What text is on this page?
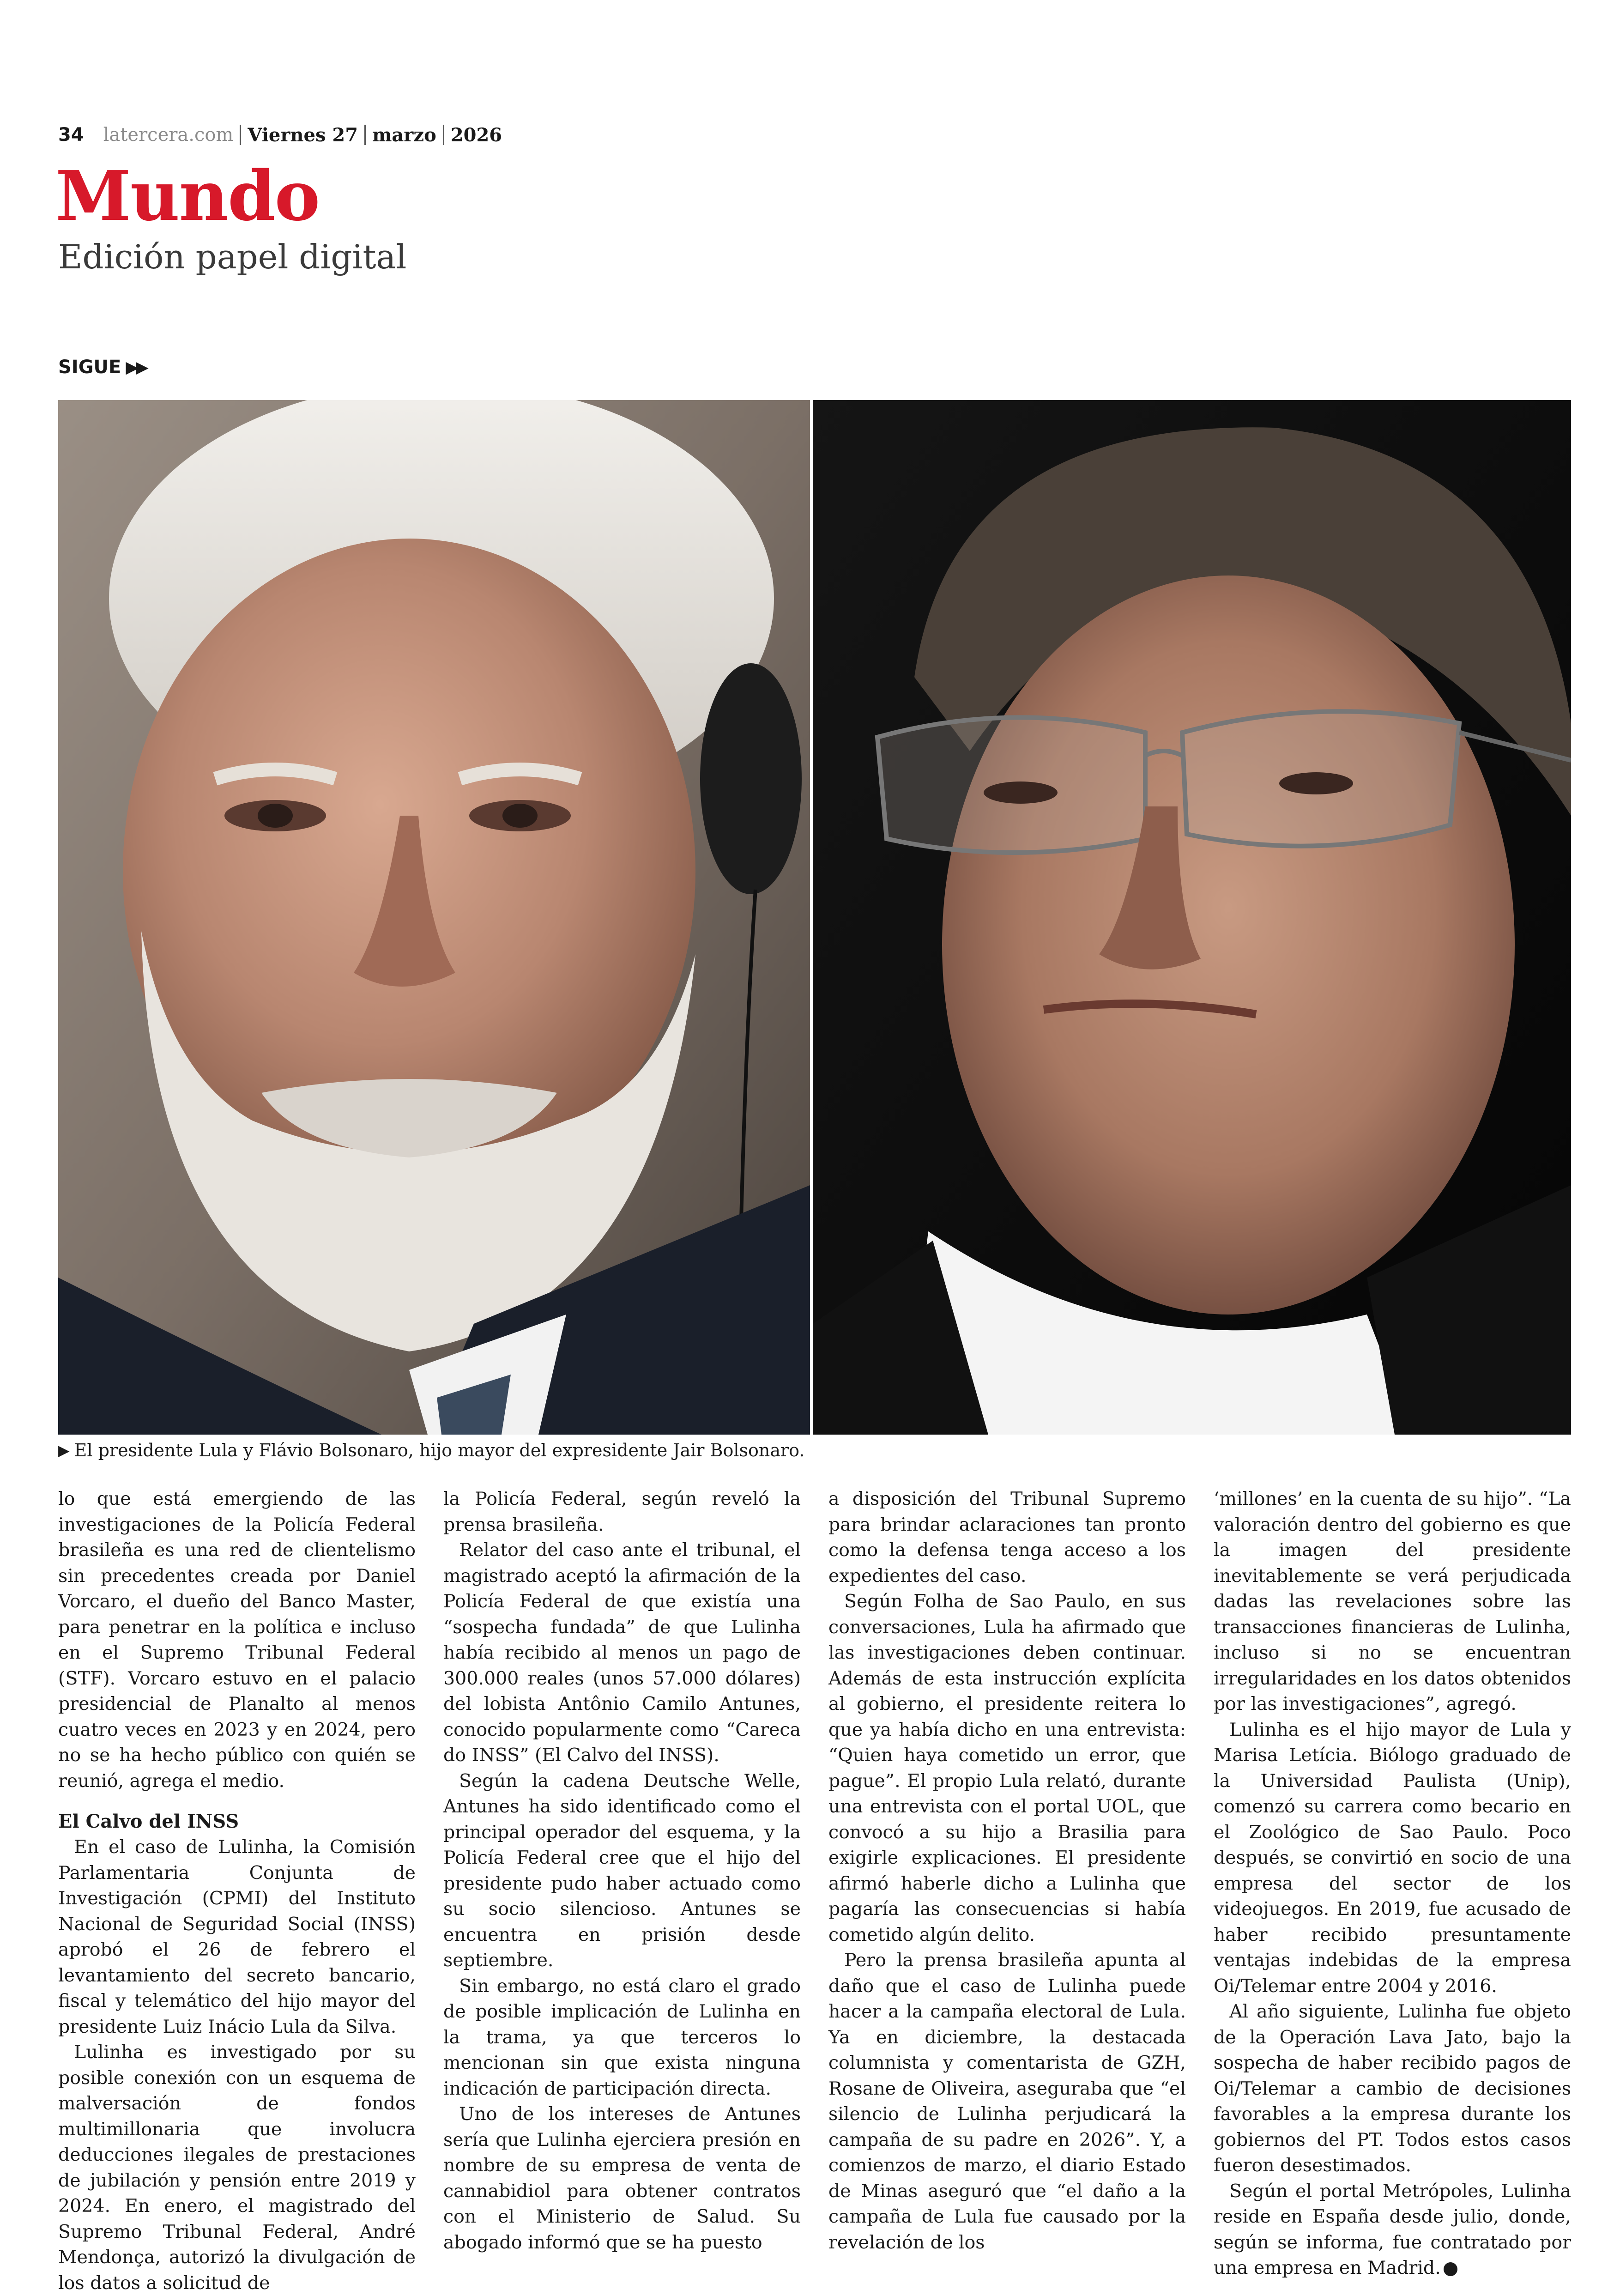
34 latercera.com Viernes 27 marzo 2026
Mundo
Edición papel digital
SIGUE ▶▶
▶ El presidente Lula y Flávio Bolsonaro, hijo mayor del expresidente Jair Bolsonaro.

lo que está emergiendo de las investigaciones de la Policía Federal brasileña es una red de clientelismo sin precedentes creada por Daniel Vorcaro, el dueño del Banco Master, para penetrar en la política e incluso en el Supremo Tribunal Federal (STF). Vorcaro estuvo en el palacio presidencial de Planalto al menos cuatro veces en 2023 y en 2024, pero no se ha hecho público con quién se reunió, agrega el medio.

El Calvo del INSS

En el caso de Lulinha, la Comisión Parlamentaria Conjunta de Investigación (CPMI) del Instituto Nacional de Seguridad Social (INSS) aprobó el 26 de febrero el levantamiento del secreto bancario, fiscal y telemático del hijo mayor del presidente Luiz Inácio Lula da Silva.

Lulinha es investigado por su posible conexión con un esquema de malversación de fondos multimillonaria que involucra deducciones ilegales de prestaciones de jubilación y pensión entre 2019 y 2024. En enero, el magistrado del Supremo Tribunal Federal, André Mendonça, autorizó la divulgación de los datos a solicitud de

la Policía Federal, según reveló la prensa brasileña.

Relator del caso ante el tribunal, el magistrado aceptó la afirmación de la Policía Federal de que existía una “sospecha fundada” de que Lulinha había recibido al menos un pago de 300.000 reales (unos 57.000 dólares) del lobista Antônio Camilo Antunes, conocido popularmente como “Careca do INSS” (El Calvo del INSS).

Según la cadena Deutsche Welle, Antunes ha sido identificado como el principal operador del esquema, y la Policía Federal cree que el hijo del presidente pudo haber actuado como su socio silencioso. Antunes se encuentra en prisión desde septiembre.

Sin embargo, no está claro el grado de posible implicación de Lulinha en la trama, ya que terceros lo mencionan sin que exista ninguna indicación de participación directa.

Uno de los intereses de Antunes sería que Lulinha ejerciera presión en nombre de su empresa de venta de cannabidiol para obtener contratos con el Ministerio de Salud. Su abogado informó que se ha puesto

a disposición del Tribunal Supremo para brindar aclaraciones tan pronto como la defensa tenga acceso a los expedientes del caso.

Según Folha de Sao Paulo, en sus conversaciones, Lula ha afirmado que las investigaciones deben continuar. Además de esta instrucción explícita al gobierno, el presidente reitera lo que ya había dicho en una entrevista: “Quien haya cometido un error, que pague”. El propio Lula relató, durante una entrevista con el portal UOL, que convocó a su hijo a Brasilia para exigirle explicaciones. El presidente afirmó haberle dicho a Lulinha que pagaría las consecuencias si había cometido algún delito.

Pero la prensa brasileña apunta al daño que el caso de Lulinha puede hacer a la campaña electoral de Lula. Ya en diciembre, la destacada columnista y comentarista de GZH, Rosane de Oliveira, aseguraba que “el silencio de Lulinha perjudicará la campaña de su padre en 2026”. Y, a comienzos de marzo, el diario Estado de Minas aseguró que “el daño a la campaña de Lula fue causado por la revelación de los

‘millones’ en la cuenta de su hijo”. “La valoración dentro del gobierno es que la imagen del presidente inevitablemente se verá perjudicada dadas las revelaciones sobre las transacciones financieras de Lulinha, incluso si no se encuentran irregularidades en los datos obtenidos por las investigaciones”, agregó.

Lulinha es el hijo mayor de Lula y Marisa Letícia. Biólogo graduado de la Universidad Paulista (Unip), comenzó su carrera como becario en el Zoológico de Sao Paulo. Poco después, se convirtió en socio de una empresa del sector de los videojuegos. En 2019, fue acusado de haber recibido presuntamente ventajas indebidas de la empresa Oi/Telemar entre 2004 y 2016.

Al año siguiente, Lulinha fue objeto de la Operación Lava Jato, bajo la sospecha de haber recibido pagos de Oi/Telemar a cambio de decisiones favorables a la empresa durante los gobiernos del PT. Todos estos casos fueron desestimados.

Según el portal Metrópoles, Lulinha reside en España desde julio, donde, según se informa, fue contratado por una empresa en Madrid.
